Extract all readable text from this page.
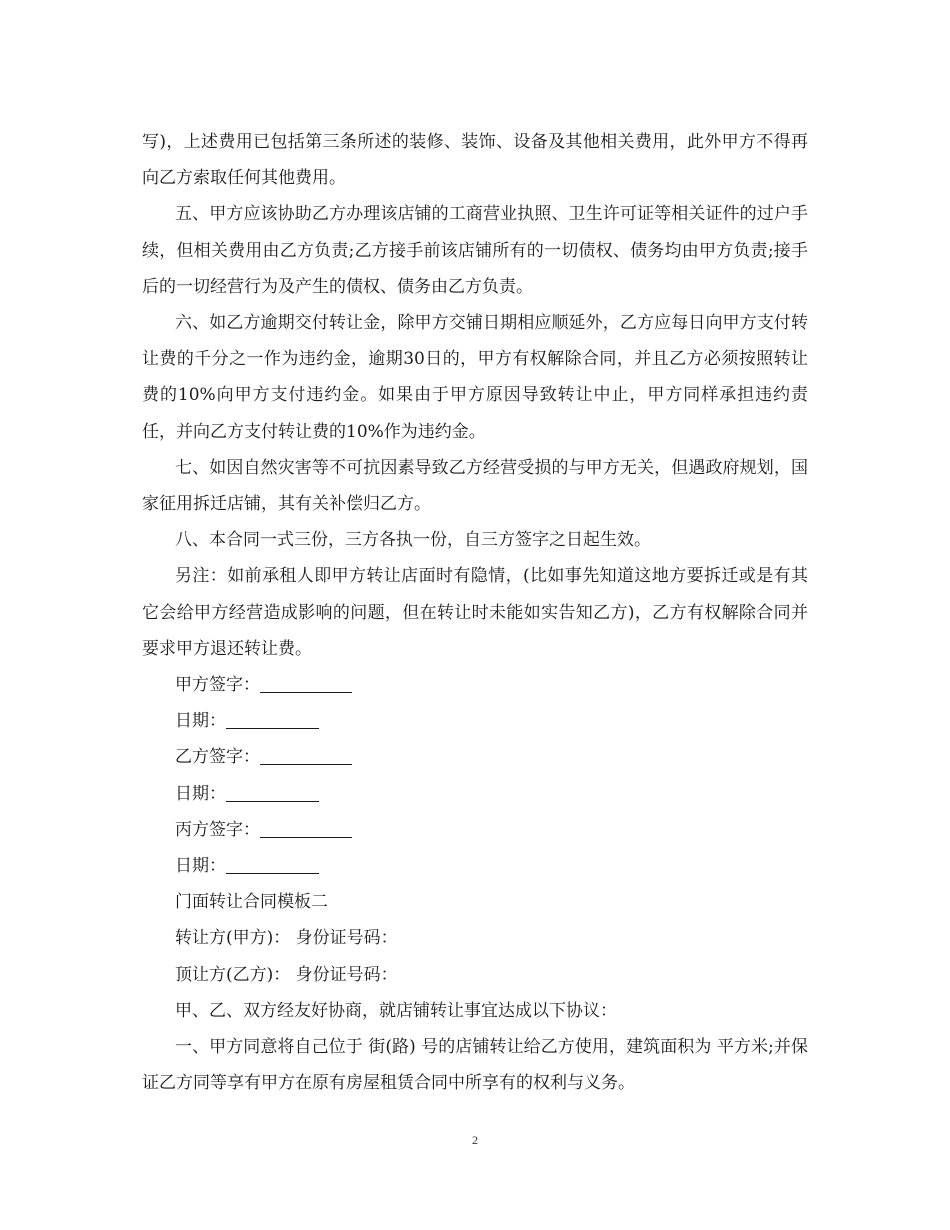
写)，上述费用已包括第三条所述的装修、装饰、设备及其他相关费用，此外甲方不得再向乙方索取任何其他费用。

五、甲方应该协助乙方办理该店铺的工商营业执照、卫生许可证等相关证件的过户手续，但相关费用由乙方负责;乙方接手前该店铺所有的一切债权、债务均由甲方负责;接手后的一切经营行为及产生的债权、债务由乙方负责。

六、如乙方逾期交付转让金，除甲方交铺日期相应顺延外，乙方应每日向甲方支付转让费的千分之一作为违约金，逾期30日的，甲方有权解除合同，并且乙方必须按照转让费的10%向甲方支付违约金。如果由于甲方原因导致转让中止，甲方同样承担违约责任，并向乙方支付转让费的10%作为违约金。

七、如因自然灾害等不可抗因素导致乙方经营受损的与甲方无关，但遇政府规划，国家征用拆迁店铺，其有关补偿归乙方。

八、本合同一式三份，三方各执一份，自三方签字之日起生效。

另注：如前承租人即甲方转让店面时有隐情，(比如事先知道这地方要拆迁或是有其它会给甲方经营造成影响的问题，但在转让时未能如实告知乙方)，乙方有权解除合同并要求甲方退还转让费。

甲方签字：
日期：
乙方签字：
日期：
丙方签字：
日期：
门面转让合同模板二
转让方(甲方)： 身份证号码：
顶让方(乙方)： 身份证号码：
甲、乙、双方经友好协商，就店铺转让事宜达成以下协议：

一、甲方同意将自己位于 街(路) 号的店铺转让给乙方使用，建筑面积为 平方米;并保证乙方同等享有甲方在原有房屋租赁合同中所享有的权利与义务。

2
